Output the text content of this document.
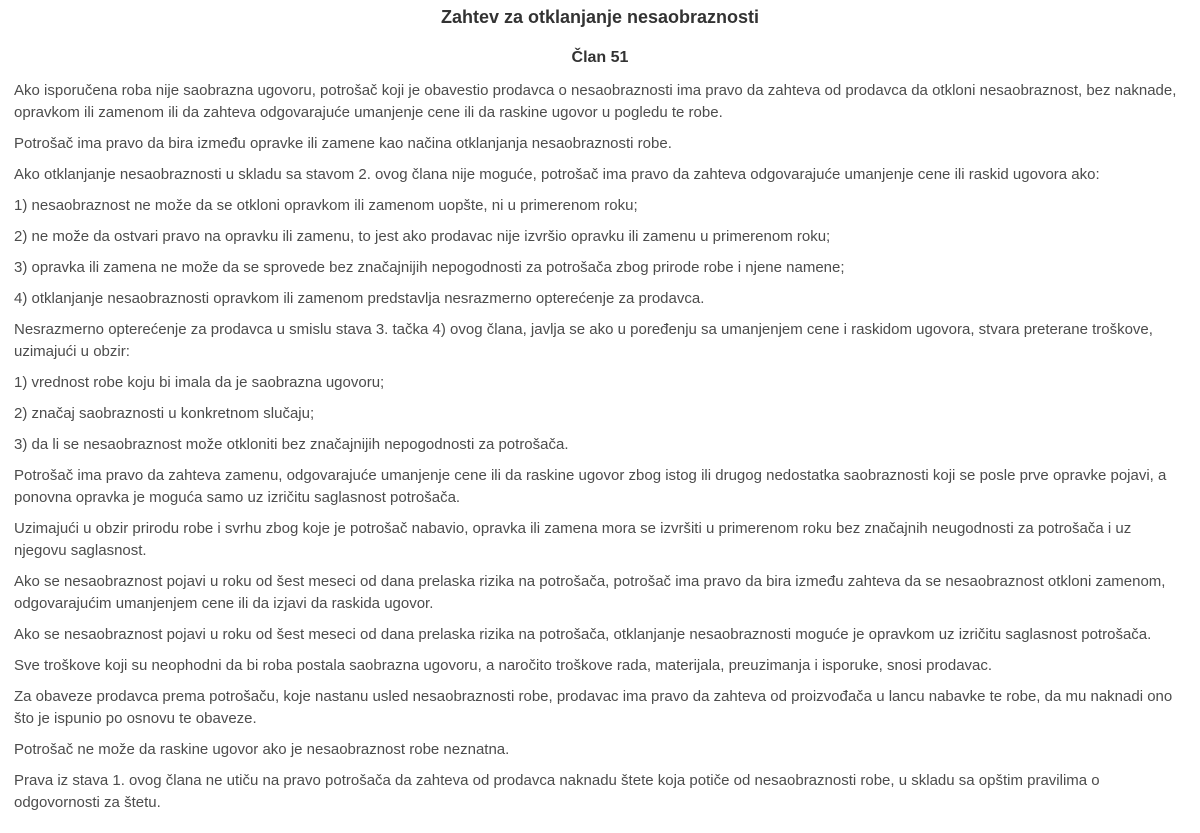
Zahtev za otklanjanje nesaobraznosti
Član 51

Ako isporučena roba nije saobrazna ugovoru, potrošač koji je obavestio prodavca o nesaobraznosti ima pravo da zahteva od prodavca da otkloni nesaobraznost, bez naknade, opravkom ili zamenom ili da zahteva odgovarajuće umanjenje cene ili da raskine ugovor u pogledu te robe.

Potrošač ima pravo da bira između opravke ili zamene kao načina otklanjanja nesaobraznosti robe.

Ako otklanjanje nesaobraznosti u skladu sa stavom 2. ovog člana nije moguće, potrošač ima pravo da zahteva odgovarajuće umanjenje cene ili raskid ugovora ako:

1) nesaobraznost ne može da se otkloni opravkom ili zamenom uopšte, ni u primerenom roku;

2) ne može da ostvari pravo na opravku ili zamenu, to jest ako prodavac nije izvršio opravku ili zamenu u primerenom roku;

3) opravka ili zamena ne može da se sprovede bez značajnijih nepogodnosti za potrošača zbog prirode robe i njene namene;

4) otklanjanje nesaobraznosti opravkom ili zamenom predstavlja nesrazmerno opterećenje za prodavca.

Nesrazmerno opterećenje za prodavca u smislu stava 3. tačka 4) ovog člana, javlja se ako u poređenju sa umanjenjem cene i raskidom ugovora, stvara preterane troškove, uzimajući u obzir:

1) vrednost robe koju bi imala da je saobrazna ugovoru;

2) značaj saobraznosti u konkretnom slučaju;

3) da li se nesaobraznost može otkloniti bez značajnijih nepogodnosti za potrošača.

Potrošač ima pravo da zahteva zamenu, odgovarajuće umanjenje cene ili da raskine ugovor zbog istog ili drugog nedostatka saobraznosti koji se posle prve opravke pojavi, a ponovna opravka je moguća samo uz izričitu saglasnost potrošača.

Uzimajući u obzir prirodu robe i svrhu zbog koje je potrošač nabavio, opravka ili zamena mora se izvršiti u primerenom roku bez značajnih neugodnosti za potrošača i uz njegovu saglasnost.

Ako se nesaobraznost pojavi u roku od šest meseci od dana prelaska rizika na potrošača, potrošač ima pravo da bira između zahteva da se nesaobraznost otkloni zamenom, odgovarajućim umanjenjem cene ili da izjavi da raskida ugovor.

Ako se nesaobraznost pojavi u roku od šest meseci od dana prelaska rizika na potrošača, otklanjanje nesaobraznosti moguće je opravkom uz izričitu saglasnost potrošača.

Sve troškove koji su neophodni da bi roba postala saobrazna ugovoru, a naročito troškove rada, materijala, preuzimanja i isporuke, snosi prodavac.

Za obaveze prodavca prema potrošaču, koje nastanu usled nesaobraznosti robe, prodavac ima pravo da zahteva od proizvođača u lancu nabavke te robe, da mu naknadi ono što je ispunio po osnovu te obaveze.

Potrošač ne može da raskine ugovor ako je nesaobraznost robe neznatna.

Prava iz stava 1. ovog člana ne utiču na pravo potrošača da zahteva od prodavca naknadu štete koja potiče od nesaobraznosti robe, u skladu sa opštim pravilima o odgovornosti za štetu.
